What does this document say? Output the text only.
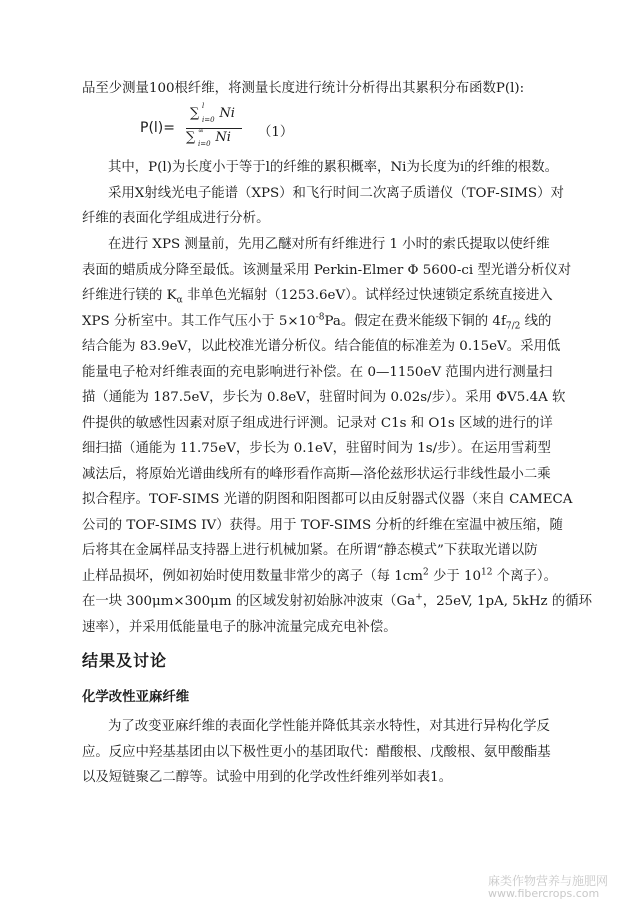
品至少测量100根纤维，将测量长度进行统计分析得出其累积分布函数P(l):
P(l)=
∑ l
i=0 Ni
∑ ∞
i=0 Ni （1）
其中，P(l)为长度小于等于l的纤维的累积概率，Ni为长度为i的纤维的根数。
采用X射线光电子能谱（XPS）和飞行时间二次离子质谱仪（TOF-SIMS）对
纤维的表面化学组成进行分析。
在进行 XPS 测量前，先用乙醚对所有纤维进行 1 小时的索氏提取以使纤维
表面的蜡质成分降至最低。该测量采用 Perkin-Elmer Φ 5600-ci 型光谱分析仪对
纤维进行镁的 $K_\alpha$ 非单色光辐射（1253.6eV）。试样经过快速锁定系统直接进入
XPS 分析室中。其工作气压小于 $5\times 10^{-8}Pa$。假定在费米能级下铜的 $4f_{7/2}$ 线的
结合能为 83.9eV，以此校准光谱分析仪。结合能值的标准差为 0.15eV。采用低
能量电子枪对纤维表面的充电影响进行补偿。在 0—1150eV 范围内进行测量扫
描（通能为 187.5eV，步长为 0.8eV，驻留时间为 0.02s/步）。采用 ΦV5.4A 软
件提供的敏感性因素对原子组成进行评测。记录对 C1s 和 O1s 区域的进行的详
细扫描（通能为 11.75eV，步长为 0.1eV，驻留时间为 1s/步）。在运用雪莉型
减法后，将原始光谱曲线所有的峰形看作高斯—洛伦兹形状运行非线性最小二乘
拟合程序。TOF-SIMS 光谱的阴图和阳图都可以由反射器式仪器（来自 CAMECA
公司的 TOF-SIMS IV）获得。用于 TOF-SIMS 分析的纤维在室温中被压缩，随
后将其在金属样品支持器上进行机械加紧。在所谓“静态模式”下获取光谱以防
止样品损坏，例如初始时使用数量非常少的离子（每 $1cm^2$ 少于 $10^{12}$ 个离子）。
在一块 300μm×300μm 的区域发射初始脉冲波束（Ga+，25eV, 1pA, 5kHz 的循环
速率），并采用低能量电子的脉冲流量完成充电补偿。
结果及讨论
化学改性亚麻纤维
为了改变亚麻纤维的表面化学性能并降低其亲水特性，对其进行异构化学反
应。反应中羟基基团由以下极性更小的基团取代：醋酸根、戊酸根、氨甲酸酯基
以及短链聚乙二醇等。试验中用到的化学改性纤维列举如表1。
麻类作物营养与施肥网
www.fibercrops.com
